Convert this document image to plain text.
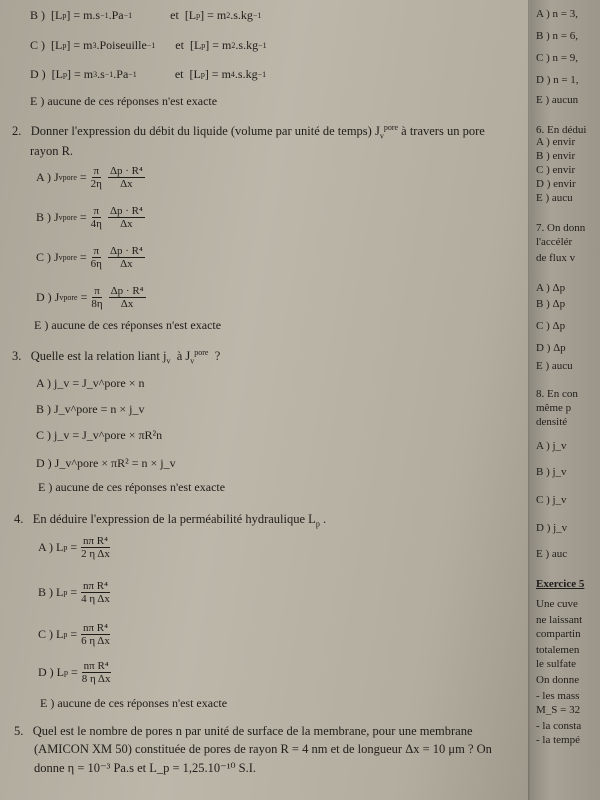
B )
[L p ] = m.s −1 .Pa −1	et
[L p ] = m 2 .s.kg −1
C )
[L p ] = m 3 .Poiseuille −1 et
[L p ] = m 2 .s.kg −1
D )
[L p ] = m 3 .s −1 .Pa −1	et
[L p ] = m 4 .s.kg −1
E ) aucune de ces réponses n'est exacte
2. Donner l'expression du débit du liquide (volume par unité de temps) $J_v^{pore}$ à travers un pore
rayon R.
A ) J v pore
= $\frac{\pi}{2\eta} \frac{\text{Δp · R⁴}}{\Delta x}$
B ) J v pore
= $\frac{\pi}{4\eta} \frac{\text{Δp · R⁴}}{\Delta x}$
C ) J v pore
= $\frac{\pi}{6\eta} \frac{\text{Δp · R⁴}}{\Delta x}$
D ) J v pore
= $\frac{\pi}{8\eta} \frac{\text{Δp · R⁴}}{\Delta x}$
E ) aucune de ces réponses n'est exacte
3. Quelle est la relation liant $j_v$ à $J_v^{pore}$ ?
A ) j_v = J_v^pore × n
B ) J_v^pore = n × j_v
C ) j_v = J_v^pore × πR²n
D ) J_v^pore × πR² = n × j_v
E ) aucune de ces réponses n'est exacte
4. En déduire l'expression de la perméabilité hydraulique $L_p$ .
A ) L p
= $\frac{\text{nπ R⁴}}{\text{2 η Δx}}$
B ) L p
= $\frac{\text{nπ R⁴}}{\text{4 η Δx}}$
C ) L p
= $\frac{\text{nπ R⁴}}{\text{6 η Δx}}$
D ) L p
= $\frac{\text{nπ R⁴}}{\text{8 η Δx}}$
E ) aucune de ces réponses n'est exacte
5. Quel est le nombre de pores n par unité de surface de la membrane, pour une membrane
(AMICON XM 50) constituée de pores de rayon R = 4 nm et de longueur Δx = 10 μm ? On
donne η = 10⁻³ Pa.s et L_p = 1,25.10⁻¹⁰ S.I.
A ) n = 3,
B ) n = 6,
C ) n = 9,
D ) n = 1,
E ) aucun
6. En dédui
A ) envir
B ) envir
C ) envir
D ) envir
E ) aucu
7. On donn
l'accélér
de flux v
A ) Δp
B ) Δp
C ) Δp
D ) Δp
E ) aucu
8. En con
même p
densité
A ) j_v
B ) j_v
C ) j_v
D ) j_v
E ) auc
Exercice 5
Une cuve
ne laissant
compartin
totalemen
le sulfate
On donne
- les mass
M_S = 32
- la consta
- la tempé
